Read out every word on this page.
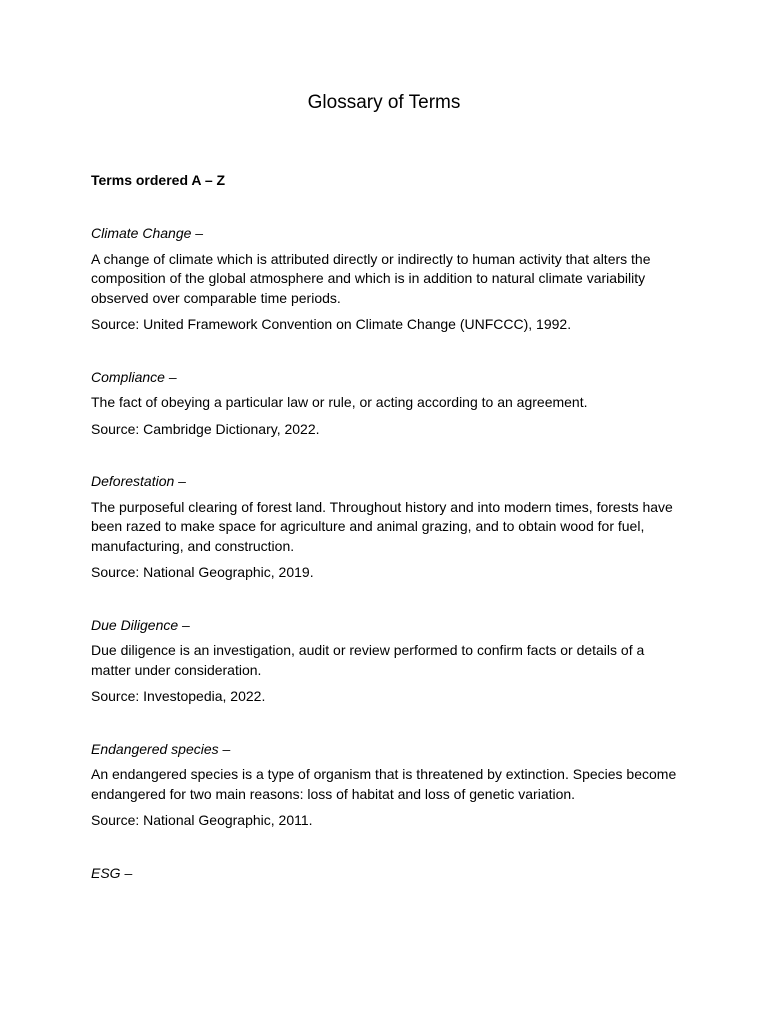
Glossary of Terms

Terms ordered A – Z

Climate Change –

A change of climate which is attributed directly or indirectly to human activity that alters the composition of the global atmosphere and which is in addition to natural climate variability observed over comparable time periods.

Source: United Framework Convention on Climate Change (UNFCCC), 1992.

Compliance –

The fact of obeying a particular law or rule, or acting according to an agreement.

Source: Cambridge Dictionary, 2022.

Deforestation –

The purposeful clearing of forest land. Throughout history and into modern times, forests have been razed to make space for agriculture and animal grazing, and to obtain wood for fuel, manufacturing, and construction.

Source: National Geographic, 2019.

Due Diligence –

Due diligence is an investigation, audit or review performed to confirm facts or details of a matter under consideration.

Source: Investopedia, 2022.

Endangered species –

An endangered species is a type of organism that is threatened by extinction. Species become endangered for two main reasons: loss of habitat and loss of genetic variation.

Source: National Geographic, 2011.

ESG –
